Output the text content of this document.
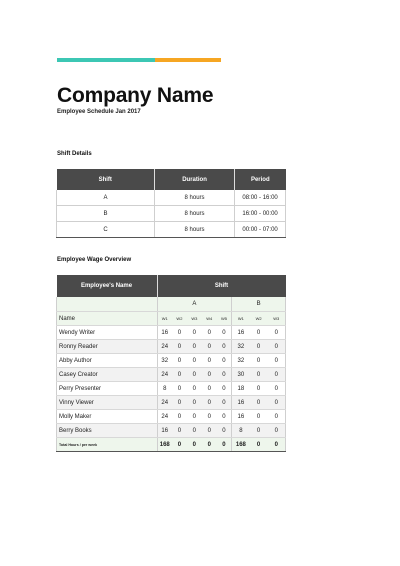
Company Name
Employee Schedule Jan 2017
Shift Details
Shift	Duration	Period
A	8 hours	08:00 - 16:00
B	8 hours	16:00 - 00:00
C	8 hours	00:00 - 07:00
Employee Wage Overview
Employee's Name	Shift							
	A					B		
Name	W1	W2	W3	W4	W5	W1	W2	W3
Wendy Writer	16	0	0	0	0	16	0	0
Ronny Reader	24	0	0	0	0	32	0	0
Abby Author	32	0	0	0	0	32	0	0
Casey Creator	24	0	0	0	0	30	0	0
Perry Presenter	8	0	0	0	0	18	0	0
Vinny Viewer	24	0	0	0	0	16	0	0
Molly Maker	24	0	0	0	0	16	0	0
Berry Books	16	0	0	0	0	8	0	0
Total Hours / per week	168	0	0	0	0	168	0	0
